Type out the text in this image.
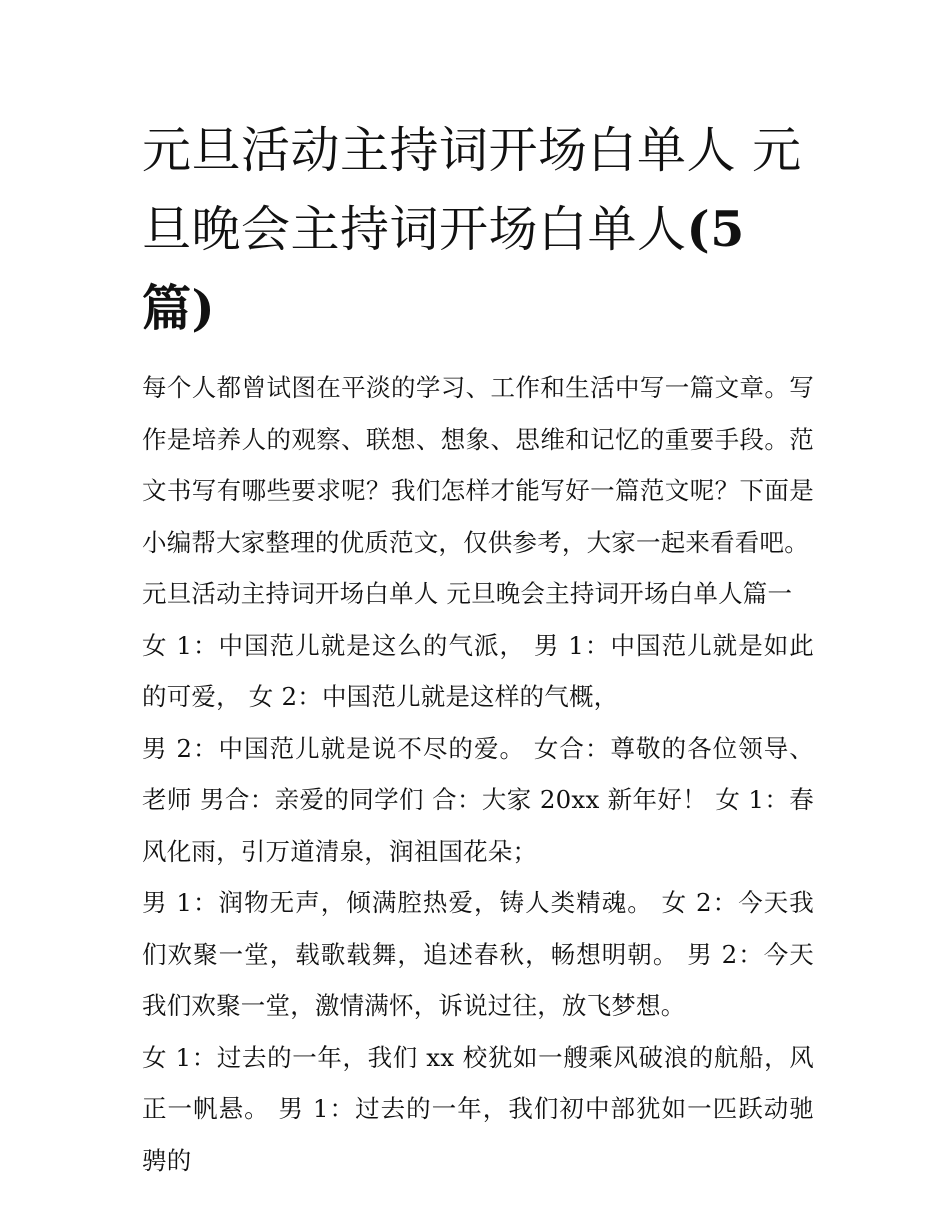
元旦活动主持词开场白单人 元旦晚会主持词开场白单人(5篇)

每个人都曾试图在平淡的学习、工作和生活中写一篇文章。写作是培养人的观察、联想、想象、思维和记忆的重要手段。范文书写有哪些要求呢？我们怎样才能写好一篇范文呢？下面是小编帮大家整理的优质范文，仅供参考，大家一起来看看吧。

元旦活动主持词开场白单人 元旦晚会主持词开场白单人篇一

女 1：中国范儿就是这么的气派， 男 1：中国范儿就是如此的可爱， 女 2：中国范儿就是这样的气概，

男 2：中国范儿就是说不尽的爱。 女合：尊敬的各位领导、老师 男合：亲爱的同学们 合：大家 20xx 新年好！ 女 1：春风化雨，引万道清泉，润祖国花朵；

男 1：润物无声，倾满腔热爱，铸人类精魂。 女 2：今天我们欢聚一堂，载歌载舞，追述春秋，畅想明朝。 男 2：今天我们欢聚一堂，激情满怀，诉说过往，放飞梦想。

女 1：过去的一年，我们 xx 校犹如一艘乘风破浪的航船，风正一帆悬。 男 1：过去的一年，我们初中部犹如一匹跃动驰骋的
